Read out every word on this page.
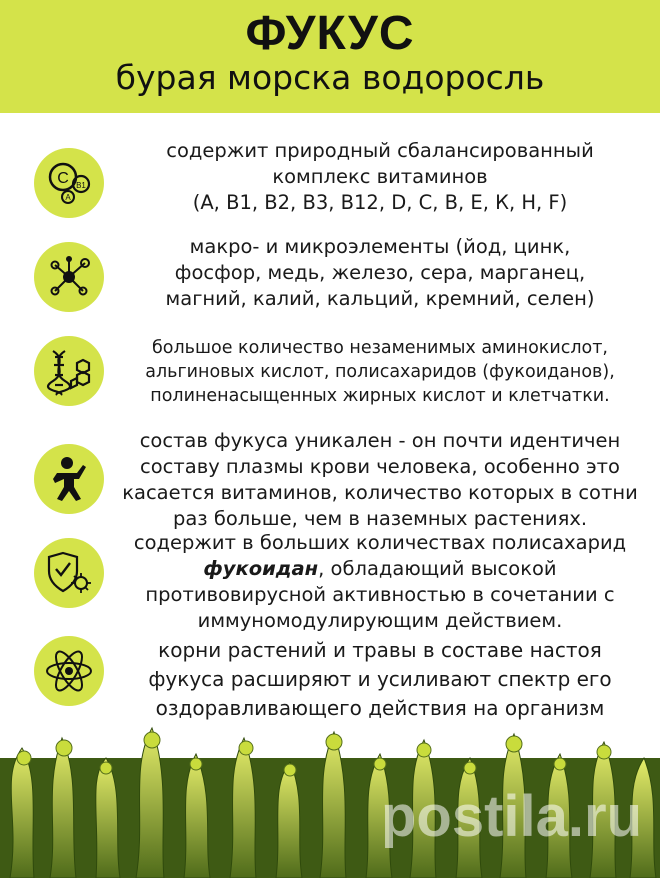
ФУКУС
бурая морска водоросль
C B1
A
содержит природный сбалансированный
комплекс витаминов
(А, В1, В2, В3, В12, D, C, В, Е, К, Н, F)
макро- и микроэлементы (йод, цинк,
фосфор, медь, железо, сера, марганец,
магний, калий, кальций, кремний, селен)
большое количество незаменимых аминокислот,
альгиновых кислот, полисахаридов (фукоиданов),
полиненасыщенных жирных кислот и клетчатки.
состав фукуса уникален - он почти идентичен
составу плазмы крови человека, особенно это
касается витаминов, количество которых в сотни
раз больше, чем в наземных растениях.
содержит в больших количествах полисахарид
фукоидан, обладающий высокой
противовирусной активностью в сочетании с
иммуномодулирующим действием.
корни растений и травы в составе настоя
фукуса расширяют и усиливают спектр его
оздоравливающего действия на организм
postila.ru
